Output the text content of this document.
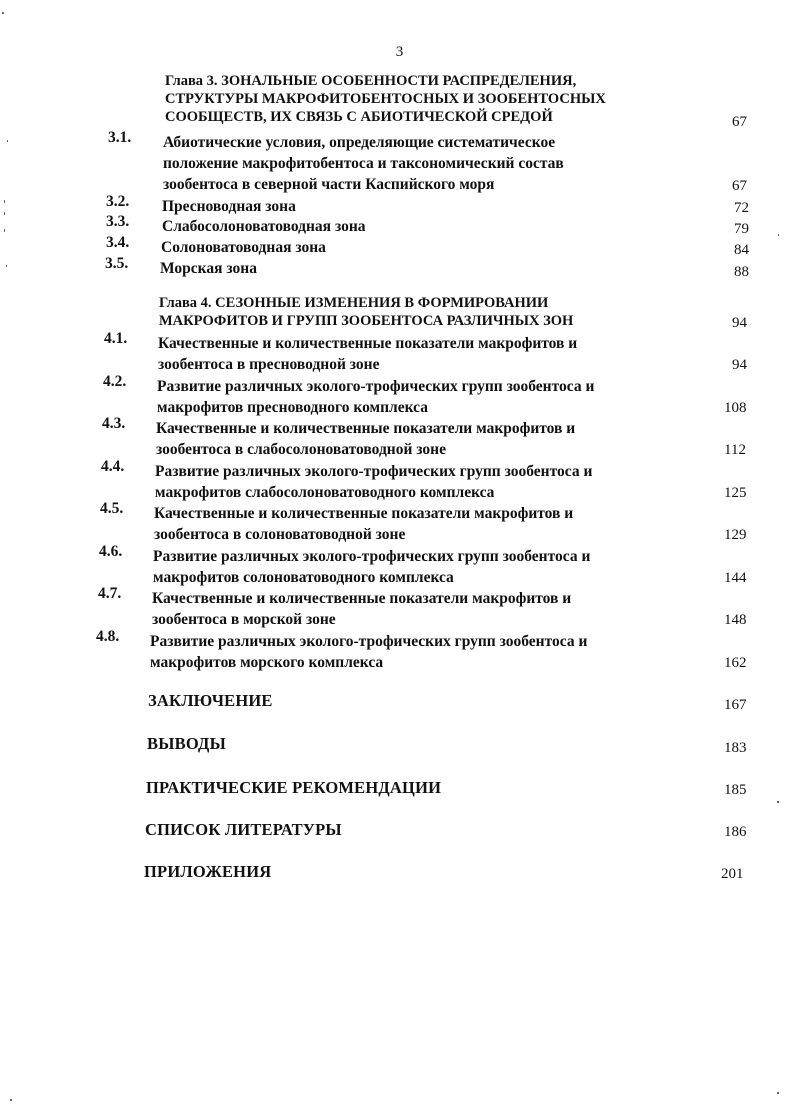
3
Глава 3. ЗОНАЛЬНЫЕ ОСОБЕННОСТИ РАСПРЕДЕЛЕНИЯ,
СТРУКТУРЫ МАКРОФИТОБЕНТОСНЫХ И ЗООБЕНТОСНЫХ
СООБЩЕСТВ, ИХ СВЯЗЬ С АБИОТИЧЕСКОЙ СРЕДОЙ	67
3.1. Абиотические условия, определяющие систематическое
положение макрофитобентоса и таксономический состав
зообентоса в северной части Каспийского моря	67
3.2. Пресноводная зона	72
3.3. Слабосолоноватоводная зона	79
3.4. Солоноватоводная зона	84
3.5. Морская зона	88
Глава 4. СЕЗОННЫЕ ИЗМЕНЕНИЯ В ФОРМИРОВАНИИ
МАКРОФИТОВ И ГРУПП ЗООБЕНТОСА РАЗЛИЧНЫХ ЗОН	94
4.1. Качественные и количественные показатели макрофитов и
зообентоса в пресноводной зоне	94
4.2. Развитие различных эколого-трофических групп зообентоса и
макрофитов пресноводного комплекса	108
4.3. Качественные и количественные показатели макрофитов и
зообентоса в слабосолоноватоводной зоне	112
4.4. Развитие различных эколого-трофических групп зообентоса и
макрофитов слабосолоноватоводного комплекса	125
4.5. Качественные и количественные показатели макрофитов и
зообентоса в солоноватоводной зоне	129
4.6. Развитие различных эколого-трофических групп зообентоса и
макрофитов солоноватоводного комплекса	144
4.7. Качественные и количественные показатели макрофитов и
зообентоса в морской зоне	148
4.8. Развитие различных эколого-трофических групп зообентоса и
макрофитов морского комплекса	162
ЗАКЛЮЧЕНИЕ	167
ВЫВОДЫ	183
ПРАКТИЧЕСКИЕ РЕКОМЕНДАЦИИ	185
СПИСОК ЛИТЕРАТУРЫ	186
ПРИЛОЖЕНИЯ	201
